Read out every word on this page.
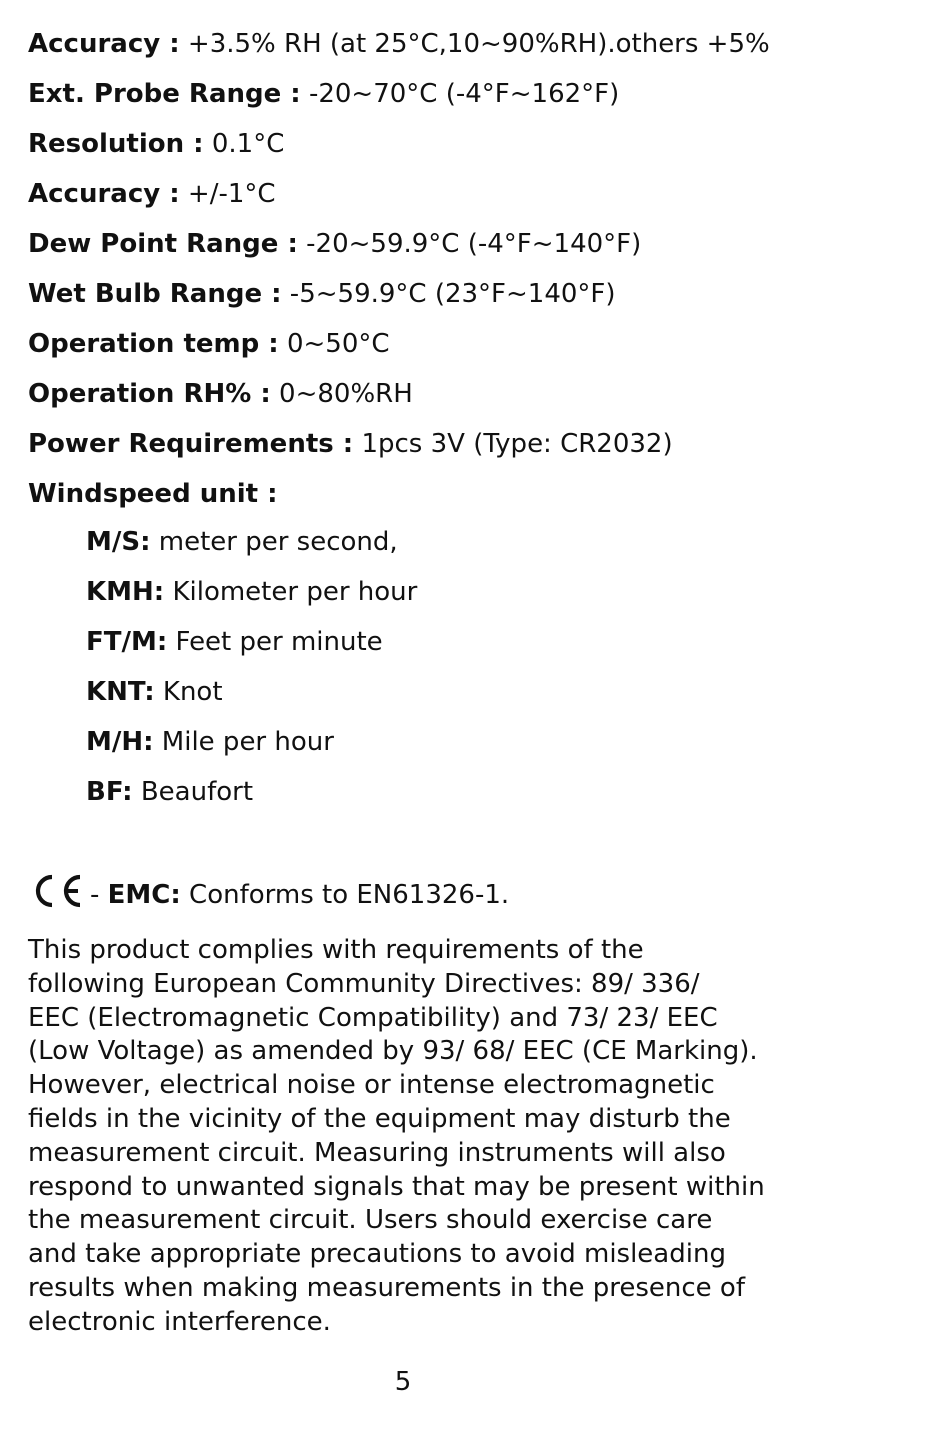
Accuracy : +3.5% RH (at 25°C,10~90%RH).others +5%
Ext. Probe Range : -20~70°C (-4°F~162°F)
Resolution : 0.1°C
Accuracy : +/-1°C
Dew Point Range : -20~59.9°C (-4°F~140°F)
Wet Bulb Range : -5~59.9°C (23°F~140°F)
Operation temp : 0~50°C
Operation RH% : 0~80%RH
Power Requirements : 1pcs 3V (Type: CR2032)
Windspeed unit :
M/S: meter per second,
KMH: Kilometer per hour
FT/M: Feet per minute
KNT: Knot
M/H: Mile per hour
BF: Beaufort
- EMC: Conforms to EN61326-1.
This product complies with requirements of the
following European Community Directives: 89/ 336/
EEC (Electromagnetic Compatibility) and 73/ 23/ EEC
(Low Voltage) as amended by 93/ 68/ EEC (CE Marking).
However, electrical noise or intense electromagnetic
fields in the vicinity of the equipment may disturb the
measurement circuit. Measuring instruments will also
respond to unwanted signals that may be present within
the measurement circuit. Users should exercise care
and take appropriate precautions to avoid misleading
results when making measurements in the presence of
electronic interference.
5
